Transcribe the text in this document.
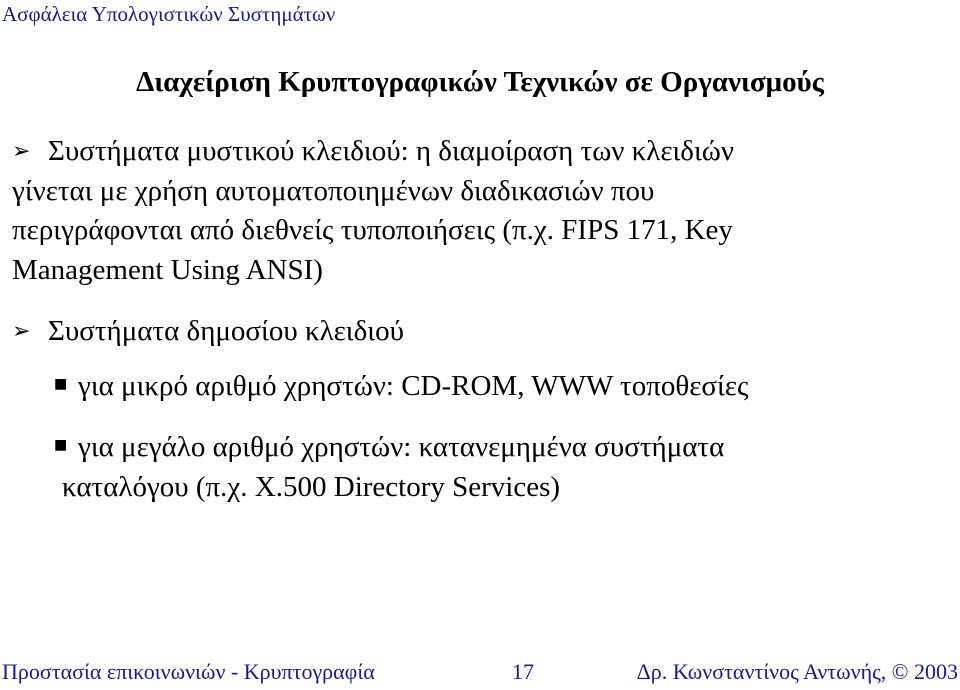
Ασφάλεια Υπολογιστικών Συστημάτων
Διαχείριση Κρυπτογραφικών Τεχνικών σε Οργανισμούς
➢ Συστήματα μυστικού κλειδιού: η διαμοίραση των κλειδιών
γίνεται με χρήση αυτοματοποιημένων διαδικασιών που
περιγράφονται από διεθνείς τυποποιήσεις (π.χ. FIPS 171, Key
Management Using ANSI)
➢ Συστήματα δημοσίου κλειδιού
■ για μικρό αριθμό χρηστών: CD-ROM, WWW τοποθεσίες
■ για μεγάλο αριθμό χρηστών: κατανεμημένα συστήματα
καταλόγου (π.χ. X.500 Directory Services)
Προστασία επικοινωνιών - Κρυπτογραφία	17	Δρ. Κωνσταντίνος Αντωνής, © 2003
